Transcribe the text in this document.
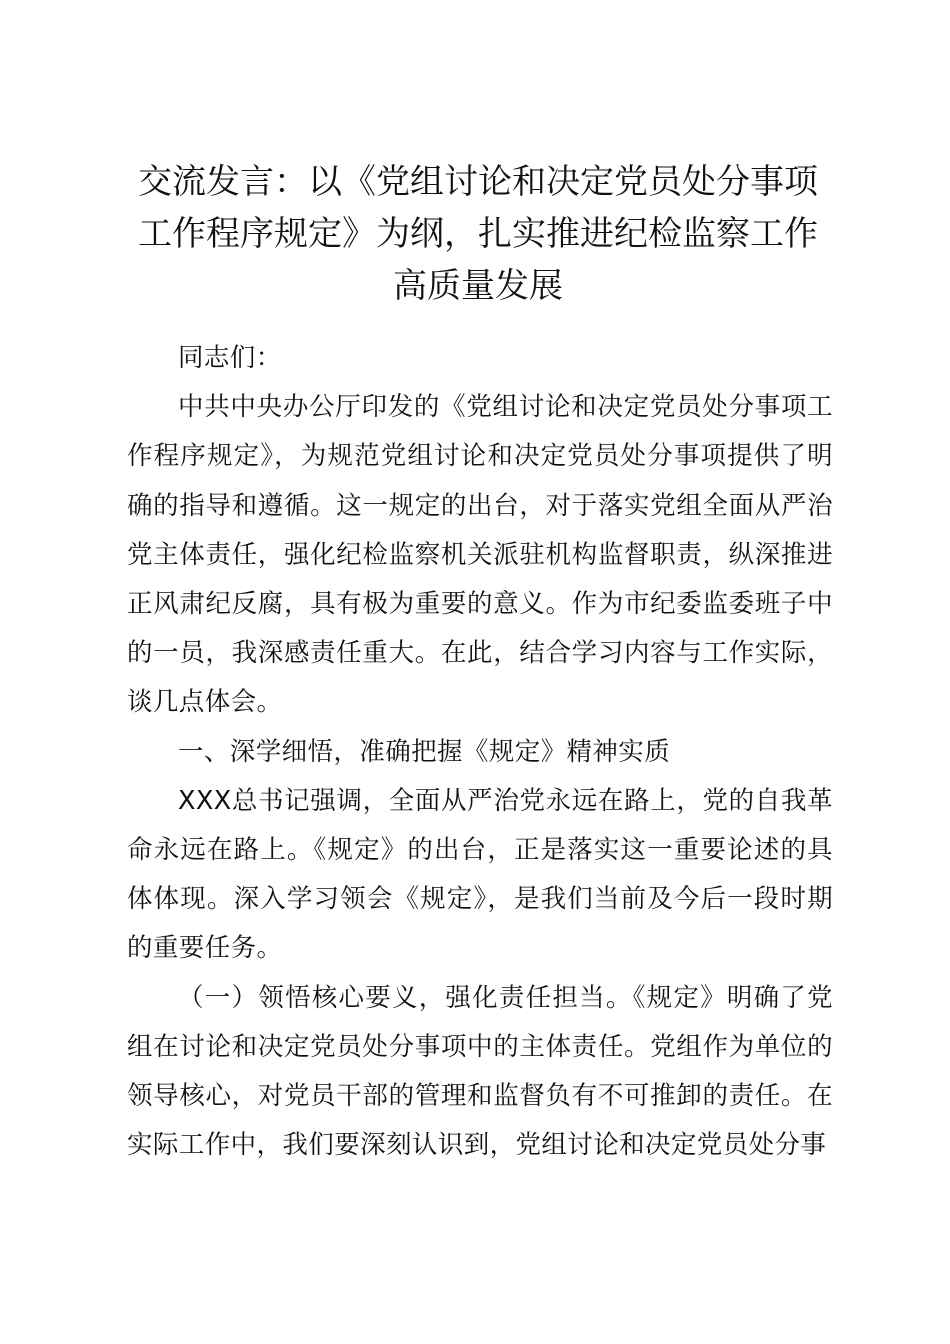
交流发言：以《党组讨论和决定党员处分事项工作程序规定》为纲，扎实推进纪检监察工作高质量发展

同志们：

中共中央办公厅印发的《党组讨论和决定党员处分事项工作程序规定》，为规范党组讨论和决定党员处分事项提供了明确的指导和遵循。这一规定的出台，对于落实党组全面从严治党主体责任，强化纪检监察机关派驻机构监督职责，纵深推进正风肃纪反腐，具有极为重要的意义。作为市纪委监委班子中的一员，我深感责任重大。在此，结合学习内容与工作实际，谈几点体会。

一、深学细悟，准确把握《规定》精神实质

XXX总书记强调，全面从严治党永远在路上，党的自我革命永远在路上。《规定》的出台，正是落实这一重要论述的具体体现。深入学习领会《规定》，是我们当前及今后一段时期的重要任务。

（一）领悟核心要义，强化责任担当。《规定》明确了党组在讨论和决定党员处分事项中的主体责任。党组作为单位的领导核心，对党员干部的管理和监督负有不可推卸的责任。在实际工作中，我们要深刻认识到，党组讨论和决定党员处分事
